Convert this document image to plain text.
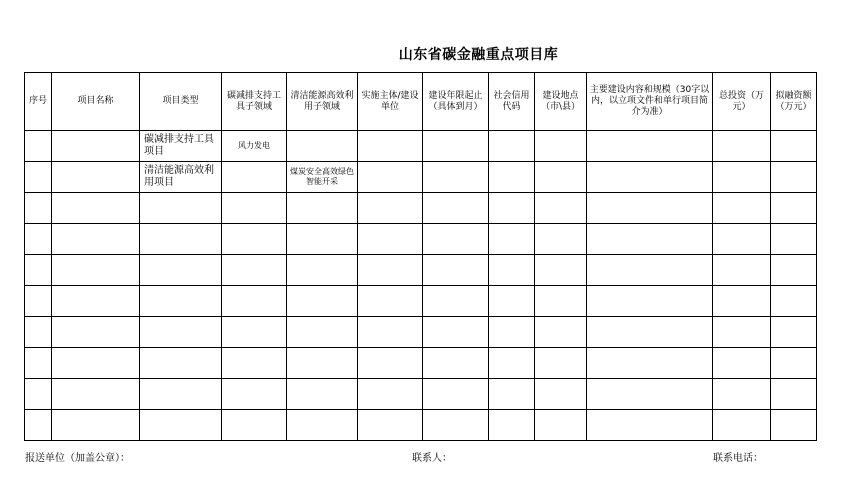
山东省碳金融重点项目库
序号	项目名称	项目类型	碳减排支持工具子领域	清洁能源高效利用子领域	实施主体/建设单位	建设年限起止（具体到月）	社会信用代码	建设地点（市\县）	主要建设内容和规模（30字以内，以立项文件和单行项目简介为准）	总投资（万元）	拟融资额（万元）
		碳减排支持工具项目	风力发电								
		清洁能源高效利用项目		煤炭安全高效绿色智能开采							

报送单位（加盖公章）：	联系人：	联系电话：
